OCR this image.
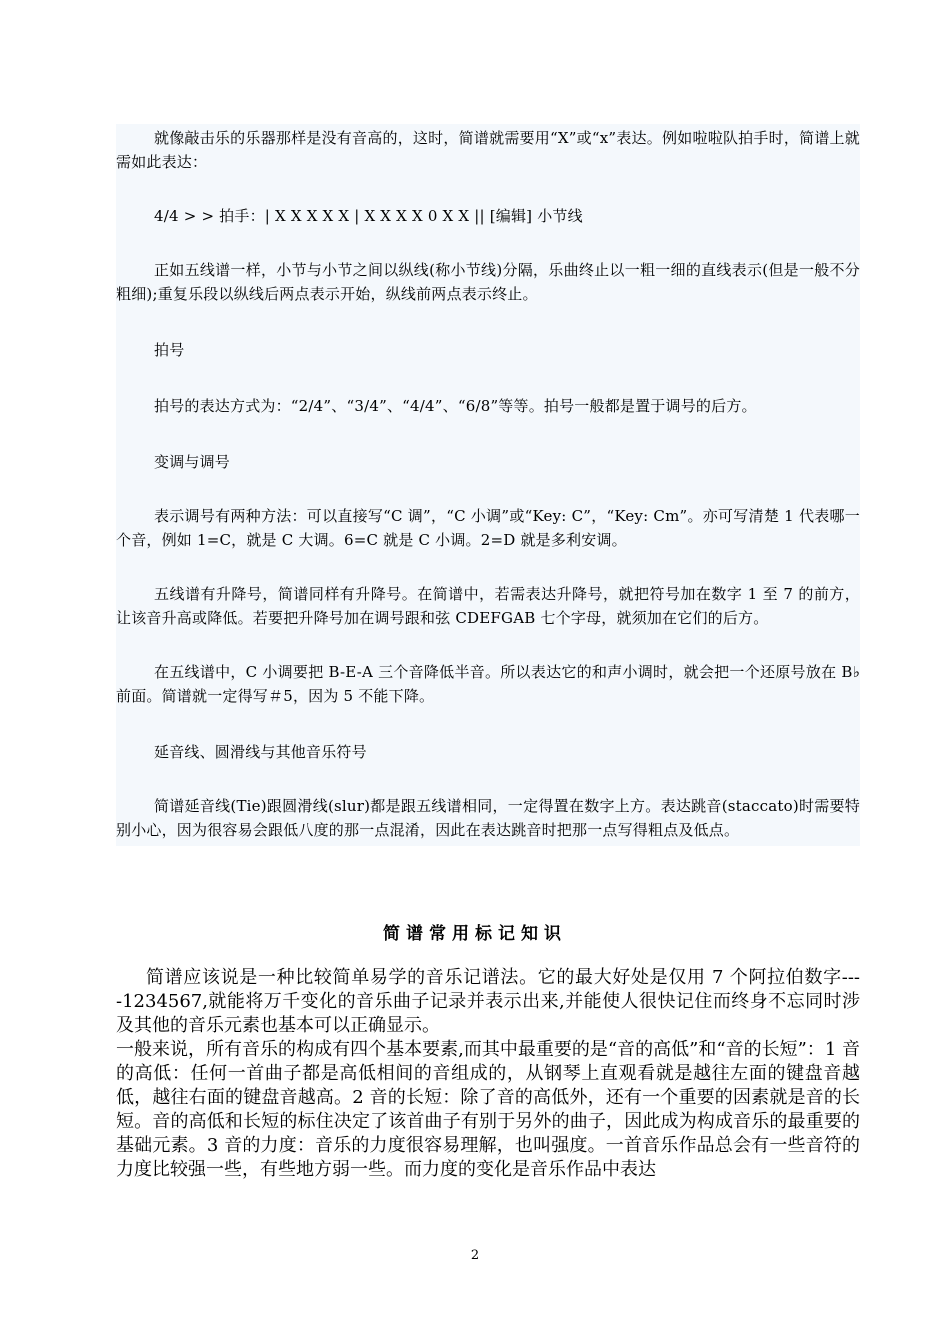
就像敲击乐的乐器那样是没有音高的，这时，简谱就需要用“X”或“x”表达。例如啦啦队拍手时，简谱上就需如此表达：

4/4 > > 拍手：| X X X X X | X X X X 0 X X || [编辑] 小节线

正如五线谱一样，小节与小节之间以纵线(称小节线)分隔，乐曲终止以一粗一细的直线表示(但是一般不分粗细);重复乐段以纵线后两点表示开始，纵线前两点表示终止。

拍号

拍号的表达方式为：“2/4”、“3/4”、“4/4”、“6/8”等等。拍号一般都是置于调号的后方。

变调与调号

表示调号有两种方法：可以直接写“C 调”，“C 小调”或“Key: C”，“Key: Cm”。亦可写清楚 1 代表哪一个音，例如 1=C，就是 C 大调。6=C 就是 C 小调。2=D 就是多利安调。

五线谱有升降号，简谱同样有升降号。在简谱中，若需表达升降号，就把符号加在数字 1 至 7 的前方，让该音升高或降低。若要把升降号加在调号跟和弦 CDEFGAB 七个字母，就须加在它们的后方。

在五线谱中，C 小调要把 B-E-A 三个音降低半音。所以表达它的和声小调时，就会把一个还原号放在 B♭前面。简谱就一定得写＃5，因为 5 不能下降。

延音线、圆滑线与其他音乐符号

简谱延音线(Tie)跟圆滑线(slur)都是跟五线谱相同，一定得置在数字上方。表达跳音(staccato)时需要特别小心，因为很容易会跟低八度的那一点混淆，因此在表达跳音时把那一点写得粗点及低点。

简谱常用标记知识

简谱应该说是一种比较简单易学的音乐记谱法。它的最大好处是仅用 7 个阿拉伯数字----1234567,就能将万千变化的音乐曲子记录并表示出来,并能使人很快记住而终身不忘同时涉及其他的音乐元素也基本可以正确显示。

一般来说，所有音乐的构成有四个基本要素,而其中最重要的是“音的高低”和“音的长短”：1 音的高低：任何一首曲子都是高低相间的音组成的，从钢琴上直观看就是越往左面的键盘音越低，越往右面的键盘音越高。2 音的长短：除了音的高低外，还有一个重要的因素就是音的长短。音的高低和长短的标住决定了该首曲子有别于另外的曲子，因此成为构成音乐的最重要的基础元素。3 音的力度：音乐的力度很容易理解，也叫强度。一首音乐作品总会有一些音符的力度比较强一些，有些地方弱一些。而力度的变化是音乐作品中表达

2
